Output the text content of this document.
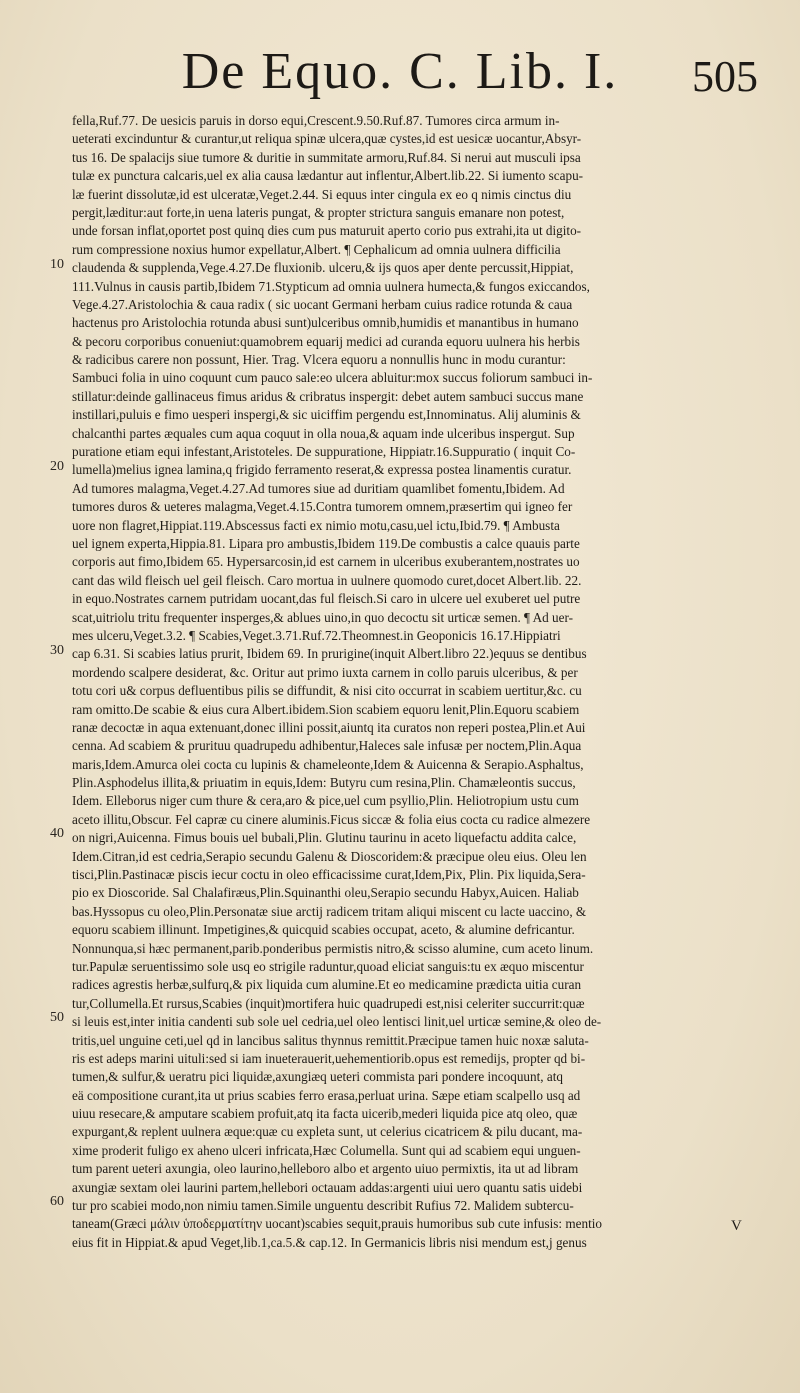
De Equo. C. Lib. I.	505
10
20
30
40
50
60
fella,Ruf.77. De uesicis paruis in dorso equi,Crescent.9.50.Ruf.87. Tumores circa armum in-
ueterati excinduntur & curantur,ut reliqua spinæ ulcera,quæ cystes,id est uesicæ uocantur,Absyr-
tus 16. De spalacijs siue tumore & duritie in summitate armoru,Ruf.84. Si nerui aut musculi ipsa
tulæ ex punctura calcaris,uel ex alia causa lædantur aut inflentur,Albert.lib.22. Si iumento scapu-
læ fuerint dissolutæ,id est ulceratæ,Veget.2.44. Si equus inter cingula ex eo q nimis cinctus diu
pergit,læditur:aut forte,in uena lateris pungat, & propter strictura sanguis emanare non potest,
unde forsan inflat,oportet post quinq dies cum pus maturuit aperto corio pus extrahi,ita ut digito-
rum compressione noxius humor expellatur,Albert. ¶ Cephalicum ad omnia uulnera difficilia
claudenda & supplenda,Vege.4.27.De fluxionib. ulceru,& ijs quos aper dente percussit,Hippiat,
111.Vulnus in causis partib,Ibidem 71.Stypticum ad omnia uulnera humecta,& fungos exiccandos,
Vege.4.27.Aristolochia & caua radix ( sic uocant Germani herbam cuius radice rotunda & caua
hactenus pro Aristolochia rotunda abusi sunt)ulceribus omnib,humidis et manantibus in humano
& pecoru corporibus conueniut:quamobrem equarij medici ad curanda equoru uulnera his herbis
& radicibus carere non possunt, Hier. Trag. Vlcera equoru a nonnullis hunc in modu curantur:
Sambuci folia in uino coquunt cum pauco sale:eo ulcera abluitur:mox succus foliorum sambuci in-
stillatur:deinde gallinaceus fimus aridus & cribratus inspergit: debet autem sambuci succus mane
instillari,puluis e fimo uesperi inspergi,& sic uiciffim pergendu est,Innominatus. Alij aluminis &
chalcanthi partes æquales cum aqua coquut in olla noua,& aquam inde ulceribus inspergut. Sup
puratione etiam equi infestant,Aristoteles. De suppuratione, Hippiatr.16.Suppuratio ( inquit Co-
lumella)melius ignea lamina,q frigido ferramento reserat,& expressa postea linamentis curatur.
Ad tumores malagma,Veget.4.27.Ad tumores siue ad duritiam quamlibet fomentu,Ibidem. Ad
tumores duros & ueteres malagma,Veget.4.15.Contra tumorem omnem,præsertim qui igneo fer
uore non flagret,Hippiat.119.Abscessus facti ex nimio motu,casu,uel ictu,Ibid.79. ¶ Ambusta
uel ignem experta,Hippia.81. Lipara pro ambustis,Ibidem 119.De combustis a calce quauis parte
corporis aut fimo,Ibidem 65. Hypersarcosin,id est carnem in ulceribus exuberantem,nostrates uo
cant das wild fleisch uel geil fleisch. Caro mortua in uulnere quomodo curet,docet Albert.lib. 22.
in equo.Nostrates carnem putridam uocant,das ful fleisch.Si caro in ulcere uel exuberet uel putre
scat,uitriolu tritu frequenter insperges,& ablues uino,in quo decoctu sit urticæ semen. ¶ Ad uer-
mes ulceru,Veget.3.2. ¶ Scabies,Veget.3.71.Ruf.72.Theomnest.in Geoponicis 16.17.Hippiatri
cap 6.31. Si scabies latius prurit, Ibidem 69. In prurigine(inquit Albert.libro 22.)equus se dentibus
mordendo scalpere desiderat, &c. Oritur aut primo iuxta carnem in collo paruis ulceribus, & per
totu cori u& corpus defluentibus pilis se diffundit, & nisi cito occurrat in scabiem uertitur,&c. cu
ram omitto.De scabie & eius cura Albert.ibidem.Sion scabiem equoru lenit,Plin.Equoru scabiem
ranæ decoctæ in aqua extenuant,donec illini possit,aiuntq ita curatos non reperi postea,Plin.et Aui
cenna. Ad scabiem & prurituu quadrupedu adhibentur,Haleces sale infusæ per noctem,Plin.Aqua
maris,Idem.Amurca olei cocta cu lupinis & chameleonte,Idem & Auicenna & Serapio.Asphaltus,
Plin.Asphodelus illita,& priuatim in equis,Idem: Butyru cum resina,Plin. Chamæleontis succus,
Idem. Elleborus niger cum thure & cera,aro & pice,uel cum psyllio,Plin. Heliotropium ustu cum
aceto illitu,Obscur. Fel capræ cu cinere aluminis.Ficus siccæ & folia eius cocta cu radice almezere
on nigri,Auicenna. Fimus bouis uel bubali,Plin. Glutinu taurinu in aceto liquefactu addita calce,
Idem.Citran,id est cedria,Serapio secundu Galenu & Dioscoridem:& præcipue oleu eius. Oleu len
tisci,Plin.Pastinacæ piscis iecur coctu in oleo efficacissime curat,Idem,Pix, Plin. Pix liquida,Sera-
pio ex Dioscoride. Sal Chalafiræus,Plin.Squinanthi oleu,Serapio secundu Habyx,Auicen. Haliab
bas.Hyssopus cu oleo,Plin.Personatæ siue arctij radicem tritam aliqui miscent cu lacte uaccino, &
equoru scabiem illinunt. Impetigines,& quicquid scabies occupat, aceto, & alumine defricantur.
Nonnunqua,si hæc permanent,parib.ponderibus permistis nitro,& scisso alumine, cum aceto linum.
tur.Papulæ seruentissimo sole usq eo strigile raduntur,quoad eliciat sanguis:tu ex æquo miscentur
radices agrestis herbæ,sulfurq,& pix liquida cum alumine.Et eo medicamine prædicta uitia curan
tur,Collumella.Et rursus,Scabies (inquit)mortifera huic quadrupedi est,nisi celeriter succurrit:quæ
si leuis est,inter initia candenti sub sole uel cedria,uel oleo lentisci linit,uel urticæ semine,& oleo de-
tritis,uel unguine ceti,uel qd in lancibus salitus thynnus remittit.Præcipue tamen huic noxæ saluta-
ris est adeps marini uituli:sed si iam inueterauerit,uehementiorib.opus est remedijs, propter qd bi-
tumen,& sulfur,& ueratru pici liquidæ,axungiæq ueteri commista pari pondere incoquunt, atq
eä compositione curant,ita ut prius scabies ferro erasa,perluat urina. Sæpe etiam scalpello usq ad
uiuu resecare,& amputare scabiem profuit,atq ita facta uicerib,mederi liquida pice atq oleo, quæ
expurgant,& replent uulnera æque:quæ cu expleta sunt, ut celerius cicatricem & pilu ducant, ma-
xime proderit fuligo ex aheno ulceri infricata,Hæc Columella. Sunt qui ad scabiem equi unguen-
tum parent ueteri axungia, oleo laurino,helleboro albo et argento uiuo permixtis, ita ut ad libram
axungiæ sextam olei laurini partem,hellebori octauam addas:argenti uiui uero quantu satis uidebi
tur pro scabiei modo,non nimiu tamen.Simile unguentu describit Rufius 72. Malidem subtercu-
taneam(Græci μάλιν ὑποδερματίτην uocant)scabies sequit,prauis humoribus sub cute infusis: mentio
eius fit in Hippiat.& apud Veget,lib.1,ca.5.& cap.12. In Germanicis libris nisi mendum est,j genus
V
